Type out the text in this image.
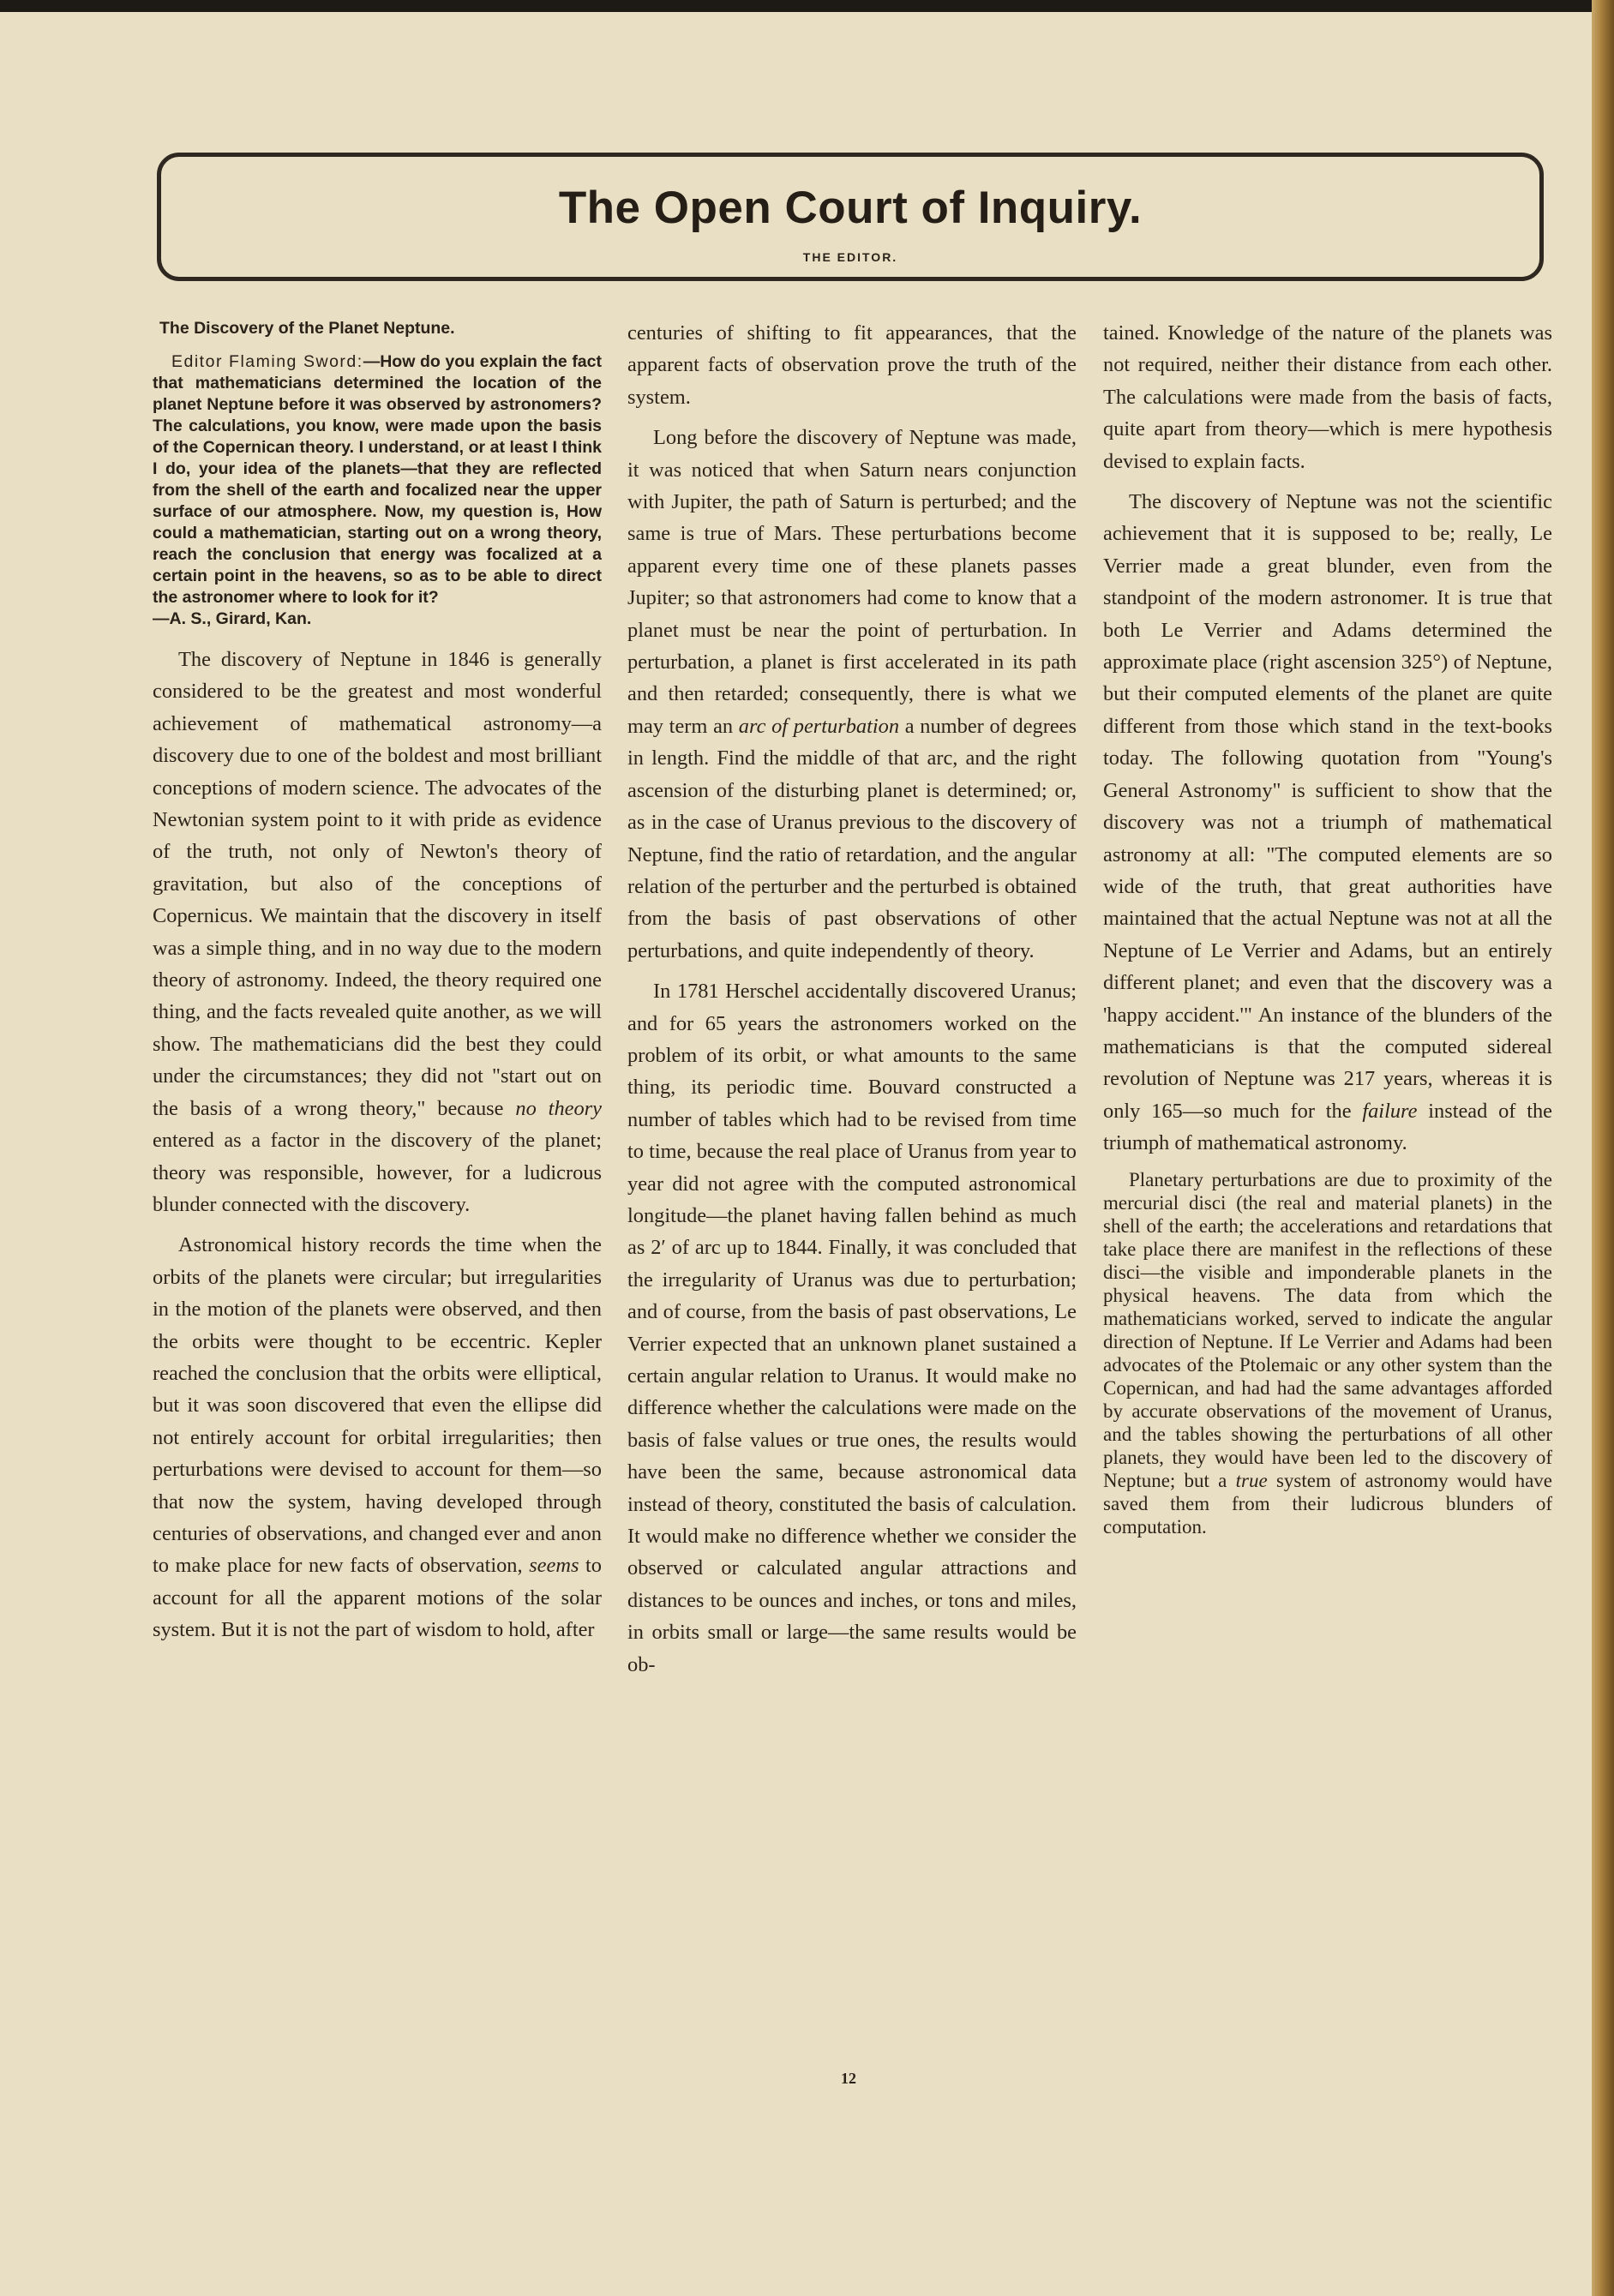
The Open Court of Inquiry.
THE EDITOR.
The Discovery of the Planet Neptune.
Editor Flaming Sword:—How do you explain the fact that mathematicians determined the location of the planet Neptune before it was observed by astronomers? The calculations, you know, were made upon the basis of the Copernican theory. I understand, or at least I think I do, your idea of the planets—that they are reflected from the shell of the earth and focalized near the upper surface of our atmosphere. Now, my question is, How could a mathematician, starting out on a wrong theory, reach the conclusion that energy was focalized at a certain point in the heavens, so as to be able to direct the astronomer where to look for it?
—A. S., Girard, Kan.

The discovery of Neptune in 1846 is generally considered to be the greatest and most wonderful achievement of mathematical astronomy—a discovery due to one of the boldest and most brilliant conceptions of modern science. The advocates of the Newtonian system point to it with pride as evidence of the truth, not only of Newton's theory of gravitation, but also of the conceptions of Copernicus. We maintain that the discovery in itself was a simple thing, and in no way due to the modern theory of astronomy. Indeed, the theory required one thing, and the facts revealed quite another, as we will show. The mathematicians did the best they could under the circumstances; they did not "start out on the basis of a wrong theory," because no theory entered as a factor in the discovery of the planet; theory was responsible, however, for a ludicrous blunder connected with the discovery.

Astronomical history records the time when the orbits of the planets were circular; but irregularities in the motion of the planets were observed, and then the orbits were thought to be eccentric. Kepler reached the conclusion that the orbits were elliptical, but it was soon discovered that even the ellipse did not entirely account for orbital irregularities; then perturbations were devised to account for them—so that now the system, having developed through centuries of observations, and changed ever and anon to make place for new facts of observation, seems to account for all the apparent motions of the solar system. But it is not the part of wisdom to hold, after

centuries of shifting to fit appearances, that the apparent facts of observation prove the truth of the system.

Long before the discovery of Neptune was made, it was noticed that when Saturn nears conjunction with Jupiter, the path of Saturn is perturbed; and the same is true of Mars. These perturbations become apparent every time one of these planets passes Jupiter; so that astronomers had come to know that a planet must be near the point of perturbation. In perturbation, a planet is first accelerated in its path and then retarded; consequently, there is what we may term an arc of perturbation a number of degrees in length. Find the middle of that arc, and the right ascension of the disturbing planet is determined; or, as in the case of Uranus previous to the discovery of Neptune, find the ratio of retardation, and the angular relation of the perturber and the perturbed is obtained from the basis of past observations of other perturbations, and quite independently of theory.

In 1781 Herschel accidentally discovered Uranus; and for 65 years the astronomers worked on the problem of its orbit, or what amounts to the same thing, its periodic time. Bouvard constructed a number of tables which had to be revised from time to time, because the real place of Uranus from year to year did not agree with the computed astronomical longitude—the planet having fallen behind as much as 2′ of arc up to 1844. Finally, it was concluded that the irregularity of Uranus was due to perturbation; and of course, from the basis of past observations, Le Verrier expected that an unknown planet sustained a certain angular relation to Uranus. It would make no difference whether the calculations were made on the basis of false values or true ones, the results would have been the same, because astronomical data instead of theory, constituted the basis of calculation. It would make no difference whether we consider the observed or calculated angular attractions and distances to be ounces and inches, or tons and miles, in orbits small or large—the same results would be ob-

tained. Knowledge of the nature of the planets was not required, neither their distance from each other. The calculations were made from the basis of facts, quite apart from theory—which is mere hypothesis devised to explain facts.

The discovery of Neptune was not the scientific achievement that it is supposed to be; really, Le Verrier made a great blunder, even from the standpoint of the modern astronomer. It is true that both Le Verrier and Adams determined the approximate place (right ascension 325°) of Neptune, but their computed elements of the planet are quite different from those which stand in the text-books today. The following quotation from "Young's General Astronomy" is sufficient to show that the discovery was not a triumph of mathematical astronomy at all: "The computed elements are so wide of the truth, that great authorities have maintained that the actual Neptune was not at all the Neptune of Le Verrier and Adams, but an entirely different planet; and even that the discovery was a 'happy accident.'" An instance of the blunders of the mathematicians is that the computed sidereal revolution of Neptune was 217 years, whereas it is only 165—so much for the failure instead of the triumph of mathematical astronomy.

Planetary perturbations are due to proximity of the mercurial disci (the real and material planets) in the shell of the earth; the accelerations and retardations that take place there are manifest in the reflections of these disci—the visible and imponderable planets in the physical heavens. The data from which the mathematicians worked, served to indicate the angular direction of Neptune. If Le Verrier and Adams had been advocates of the Ptolemaic or any other system than the Copernican, and had had the same advantages afforded by accurate observations of the movement of Uranus, and the tables showing the perturbations of all other planets, they would have been led to the discovery of Neptune; but a true system of astronomy would have saved them from their ludicrous blunders of computation.

12
